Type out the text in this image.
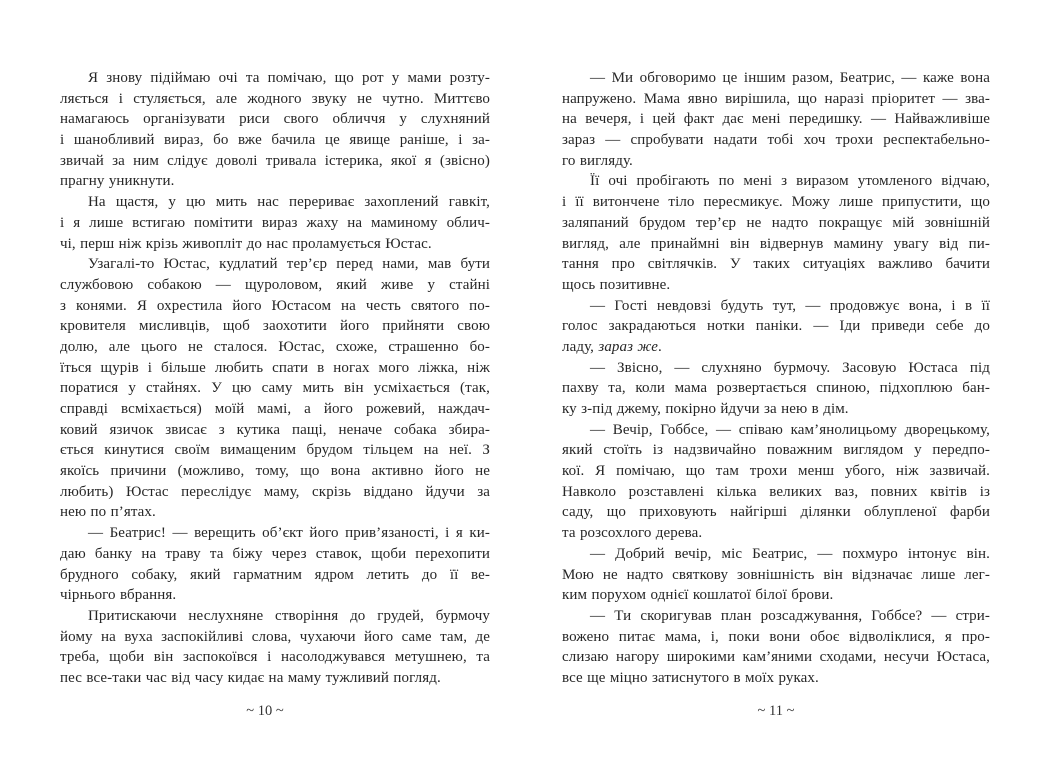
Я знову підіймаю очі та помічаю, що рот у мами розту-
ляється і стуляється, але жодного звуку не чутно. Миттєво
намагаюсь організувати риси свого обличчя у слухняний
і шанобливий вираз, бо вже бачила це явище раніше, і за-
звичай за ним слідує доволі тривала істерика, якої я (звісно)
прагну уникнути.
На щастя, у цю мить нас перериває захоплений гавкіт,
і я лише встигаю помітити вираз жаху на маминому облич-
чі, перш ніж крізь живопліт до нас проламується Юстас.
Узагалі-то Юстас, кудлатий тер’єр перед нами, мав бути
службовою собакою — щуроловом, який живе у стайні
з конями. Я охрестила його Юстасом на честь святого по-
кровителя мисливців, щоб заохотити його прийняти свою
долю, але цього не сталося. Юстас, схоже, страшенно бо-
їться щурів і більше любить спати в ногах мого ліжка, ніж
поратися у стайнях. У цю саму мить він усміхається (так,
справді всміхається) моїй мамі, а його рожевий, наждач-
ковий язичок звисає з кутика пащі, неначе собака збира-
ється кинутися своїм вимащеним брудом тільцем на неї. З
якоїсь причини (можливо, тому, що вона активно його не
любить) Юстас переслідує маму, скрізь віддано йдучи за
нею по п’ятах.
— Беатрис! — верещить об’єкт його прив’язаності, і я ки-
даю банку на траву та біжу через ставок, щоби перехопити
брудного собаку, який гарматним ядром летить до її ве-
чірнього вбрання.
Притискаючи неслухняне створіння до грудей, бурмочу
йому на вуха заспокійливі слова, чухаючи його саме там, де
треба, щоби він заспокоївся і насолоджувався метушнею, та
пес все-таки час від часу кидає на маму тужливий погляд.
~ 10 ~
— Ми обговоримо це іншим разом, Беатрис, — каже вона
напружено. Мама явно вирішила, що наразі пріоритет — зва-
на вечеря, і цей факт дає мені передишку. — Найважливіше
зараз — спробувати надати тобі хоч трохи респектабельно-
го вигляду.
Її очі пробігають по мені з виразом утомленого відчаю,
і її витончене тіло пересмикує. Можу лише припустити, що
заляпаний брудом тер’єр не надто покращує мій зовнішній
вигляд, але принаймні він відвернув мамину увагу від пи-
тання про світлячків. У таких ситуаціях важливо бачити
щось позитивне.
— Гості невдовзі будуть тут, — продовжує вона, і в її
голос закрадаються нотки паніки. — Іди приведи себе до
ладу, зараз же.
— Звісно, — слухняно бурмочу. Засовую Юстаса під
пахву та, коли мама розвертається спиною, підхоплюю бан-
ку з-під джему, покірно йдучи за нею в дім.
— Вечір, Гоббсе, — співаю кам’янолицьому дворецькому,
який стоїть із надзвичайно поважним виглядом у передпо-
кої. Я помічаю, що там трохи менш убого, ніж зазвичай.
Навколо розставлені кілька великих ваз, повних квітів із
саду, що приховують найгірші ділянки облупленої фарби
та розсохлого дерева.
— Добрий вечір, міс Беатрис, — похмуро інтонує він.
Мою не надто святкову зовнішність він відзначає лише лег-
ким порухом однієї кошлатої білої брови.
— Ти скоригував план розсаджування, Гоббсе? — стри-
вожено питає мама, і, поки вони обоє відволіклися, я про-
слизаю нагору широкими кам’яними сходами, несучи Юстаса,
все ще міцно затиснутого в моїх руках.
~ 11 ~
